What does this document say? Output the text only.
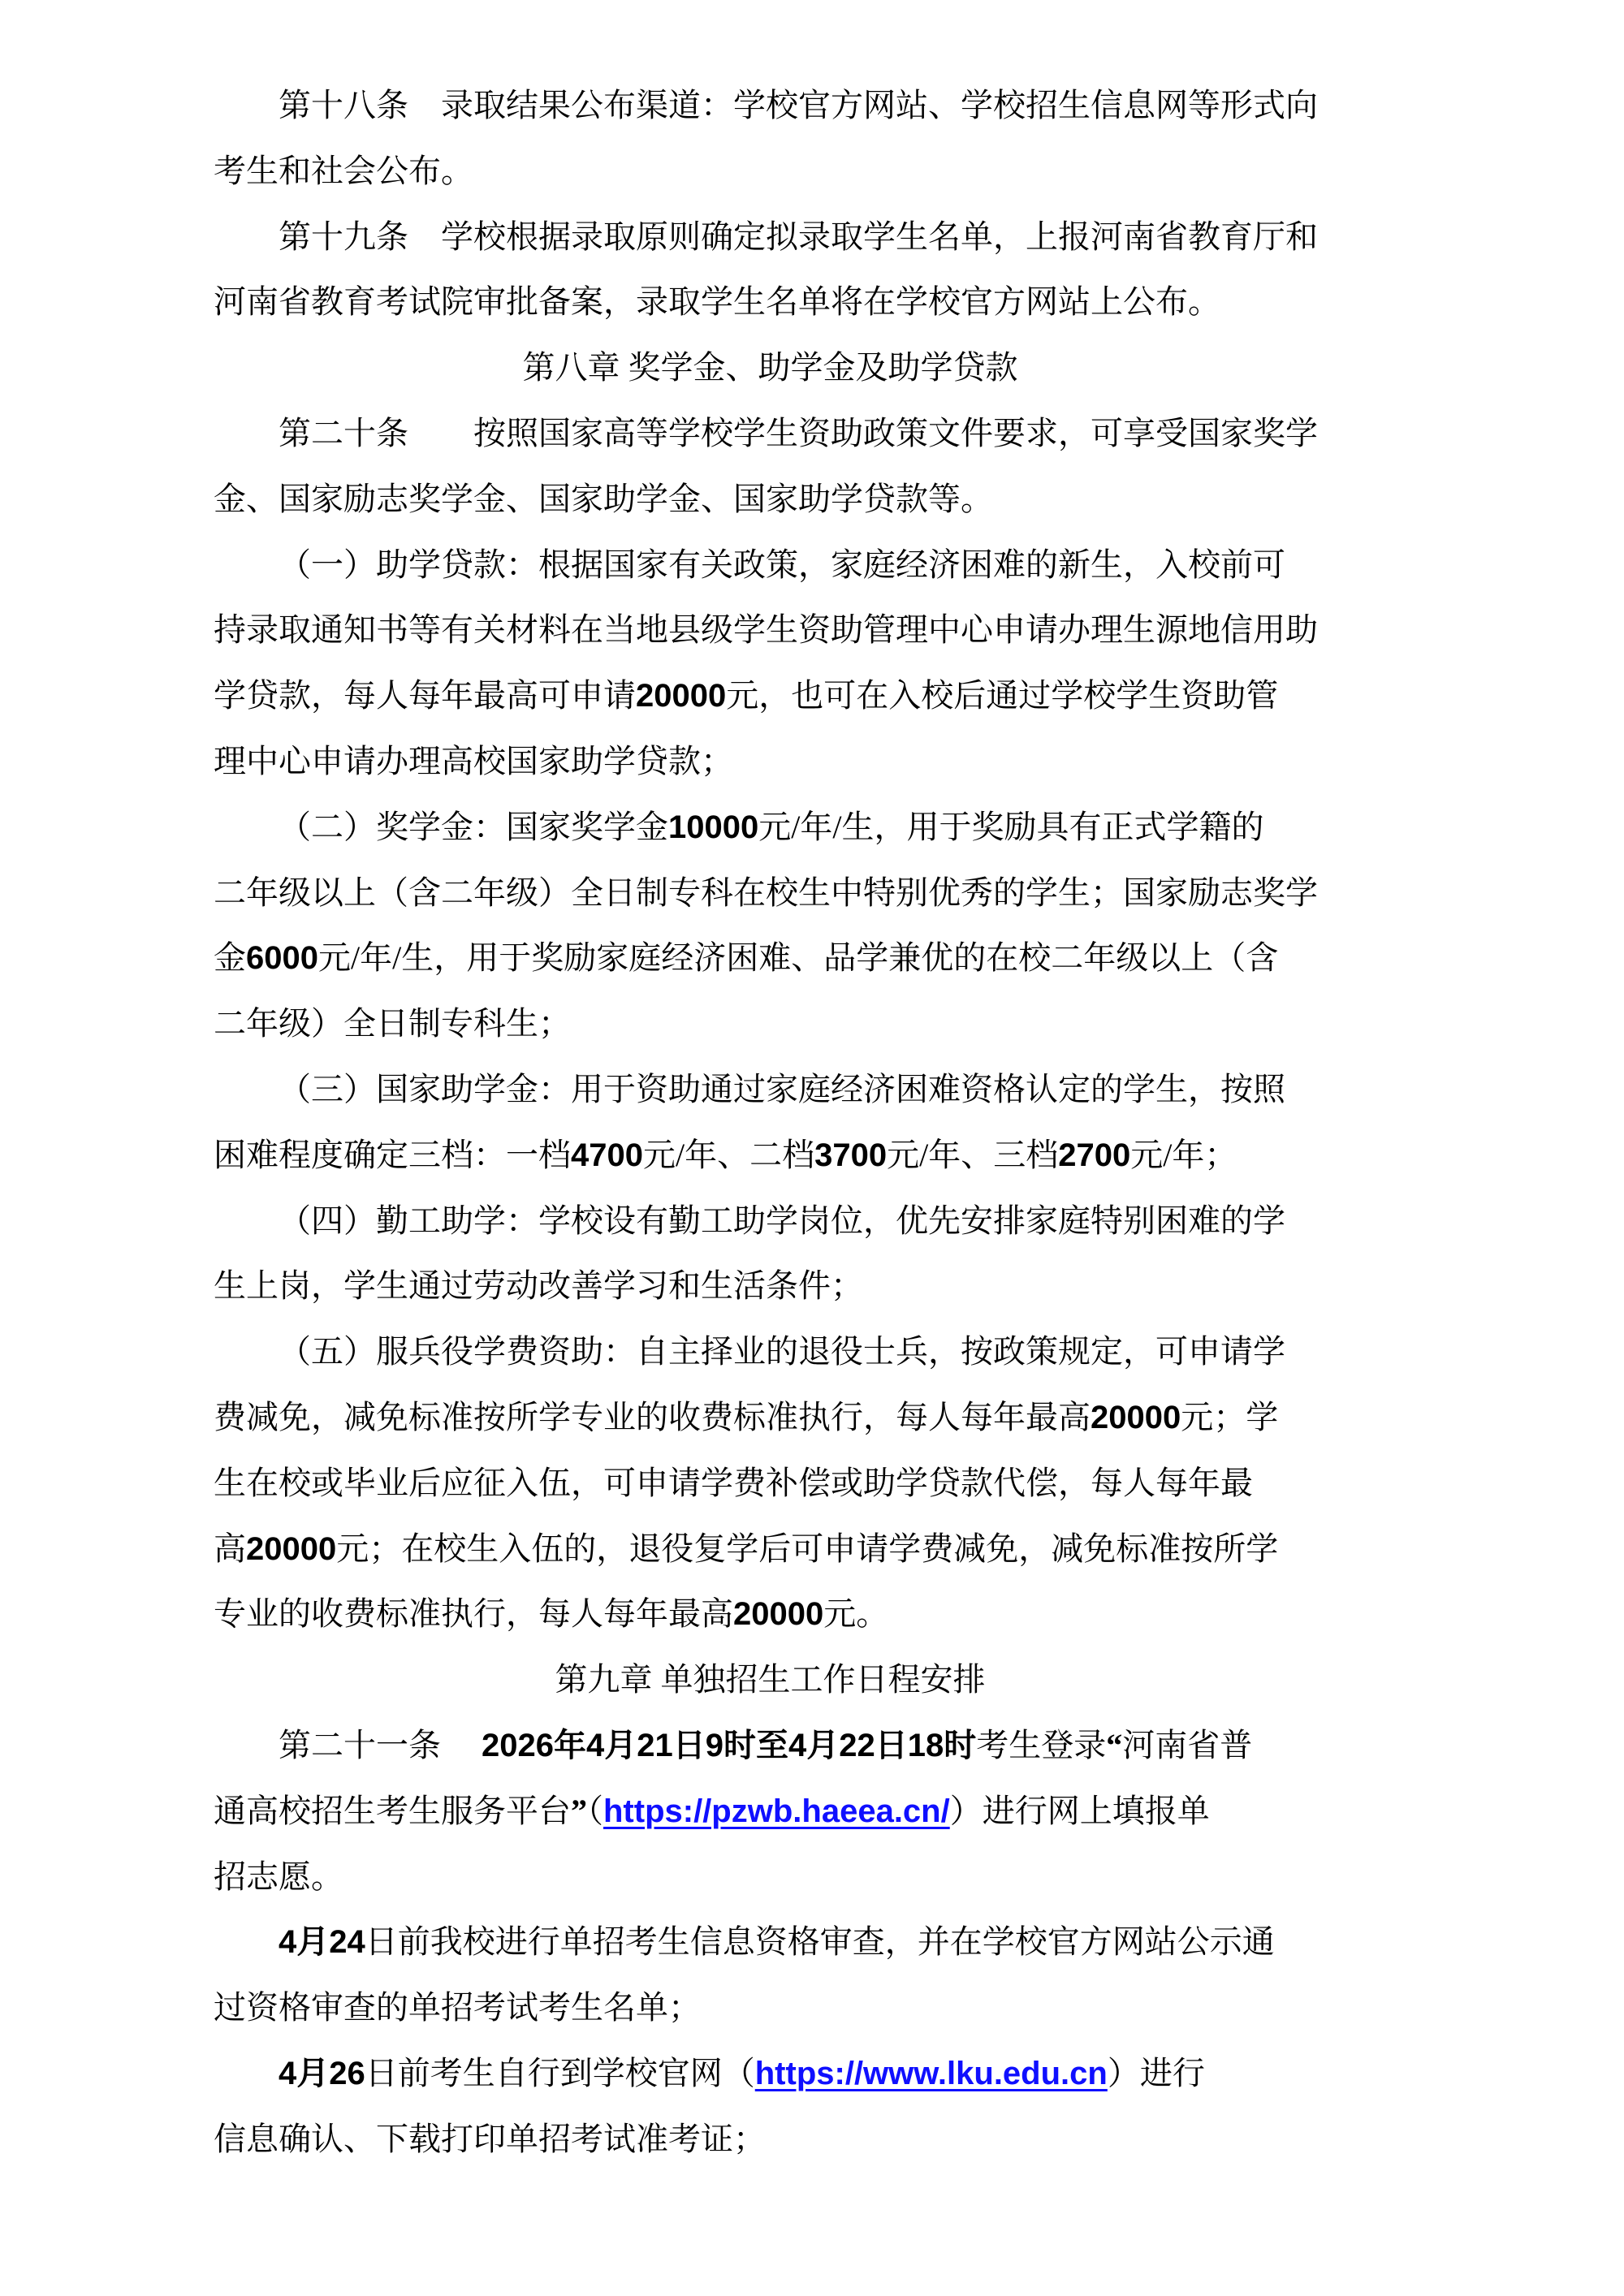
第十八条　录取结果公布渠道：学校官方网站、学校招生信息网等形式向
考生和社会公布。
第十九条　学校根据录取原则确定拟录取学生名单，上报河南省教育厅和
河南省教育考试院审批备案，录取学生名单将在学校官方网站上公布。
第八章 奖学金、助学金及助学贷款
第二十条　　按照国家高等学校学生资助政策文件要求，可享受国家奖学
金、国家励志奖学金、国家助学金、国家助学贷款等。
（一）助学贷款：根据国家有关政策，家庭经济困难的新生，入校前可
持录取通知书等有关材料在当地县级学生资助管理中心申请办理生源地信用助
学贷款，每人每年最高可申请20000元，也可在入校后通过学校学生资助管
理中心申请办理高校国家助学贷款；
（二）奖学金：国家奖学金10000元/年/生，用于奖励具有正式学籍的
二年级以上（含二年级）全日制专科在校生中特别优秀的学生；国家励志奖学
金6000元/年/生，用于奖励家庭经济困难、品学兼优的在校二年级以上（含
二年级）全日制专科生；
（三）国家助学金：用于资助通过家庭经济困难资格认定的学生，按照
困难程度确定三档：一档4700元/年、二档3700元/年、三档2700元/年；
（四）勤工助学：学校设有勤工助学岗位，优先安排家庭特别困难的学
生上岗，学生通过劳动改善学习和生活条件；
（五）服兵役学费资助：自主择业的退役士兵，按政策规定，可申请学
费减免，减免标准按所学专业的收费标准执行，每人每年最高20000元；学
生在校或毕业后应征入伍，可申请学费补偿或助学贷款代偿，每人每年最
高20000元；在校生入伍的，退役复学后可申请学费减免，减免标准按所学
专业的收费标准执行，每人每年最高20000元。
第九章 单独招生工作日程安排
第二十一条　 2026年4月21日9时至4月22日18时考生登录“河南省普
通高校招生考生服务平台”（https://pzwb.haeea.cn/）进行网上填报单
招志愿。
4月24日前我校进行单招考生信息资格审查，并在学校官方网站公示通
过资格审查的单招考试考生名单；
4月26日前考生自行到学校官网（https://www.lku.edu.cn）进行
信息确认、下载打印单招考试准考证；
